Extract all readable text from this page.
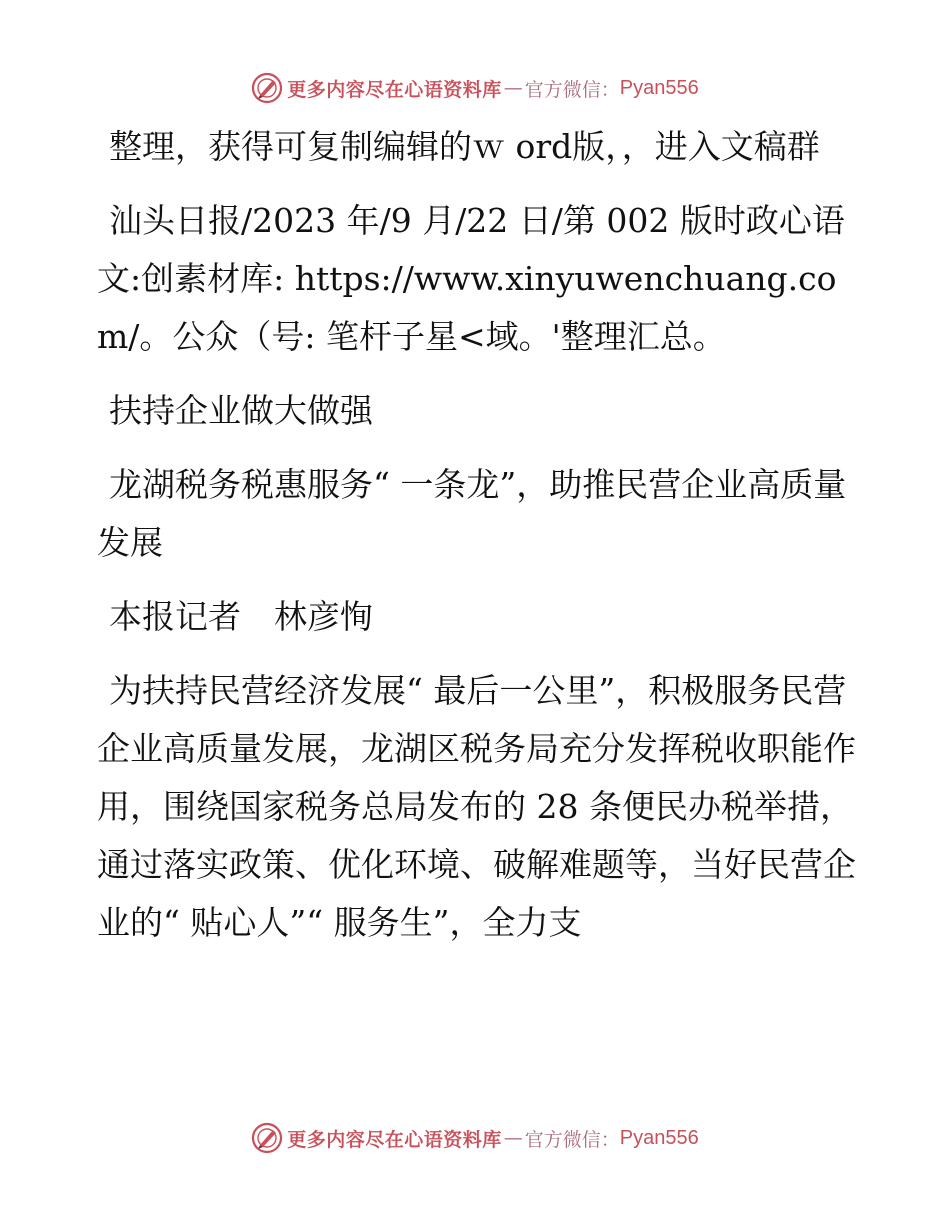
更多内容尽在心语资料库 — 官方微信： Pyan556

整理，获得可复制编辑的ｗ ord版，，进入文稿群

汕头日报/2023 年/9 月/22 日/第 002 版时政心语文:创素材库: https://www.xinyuwenchuang.com/。公众（号: 笔杆子星<域。'整理汇总。

扶持企业做大做强

龙湖税务税惠服务“ 一条龙”，助推民营企业高质量发展

本报记者　林彦恂

为扶持民营经济发展“ 最后一公里”，积极服务民营企业高质量发展，龙湖区税务局充分发挥税收职能作用，围绕国家税务总局发布的 28 条便民办税举措，通过落实政策、优化环境、破解难题等，当好民营企业的“ 贴心人”“ 服务生”，全力支

更多内容尽在心语资料库 — 官方微信： Pyan556
